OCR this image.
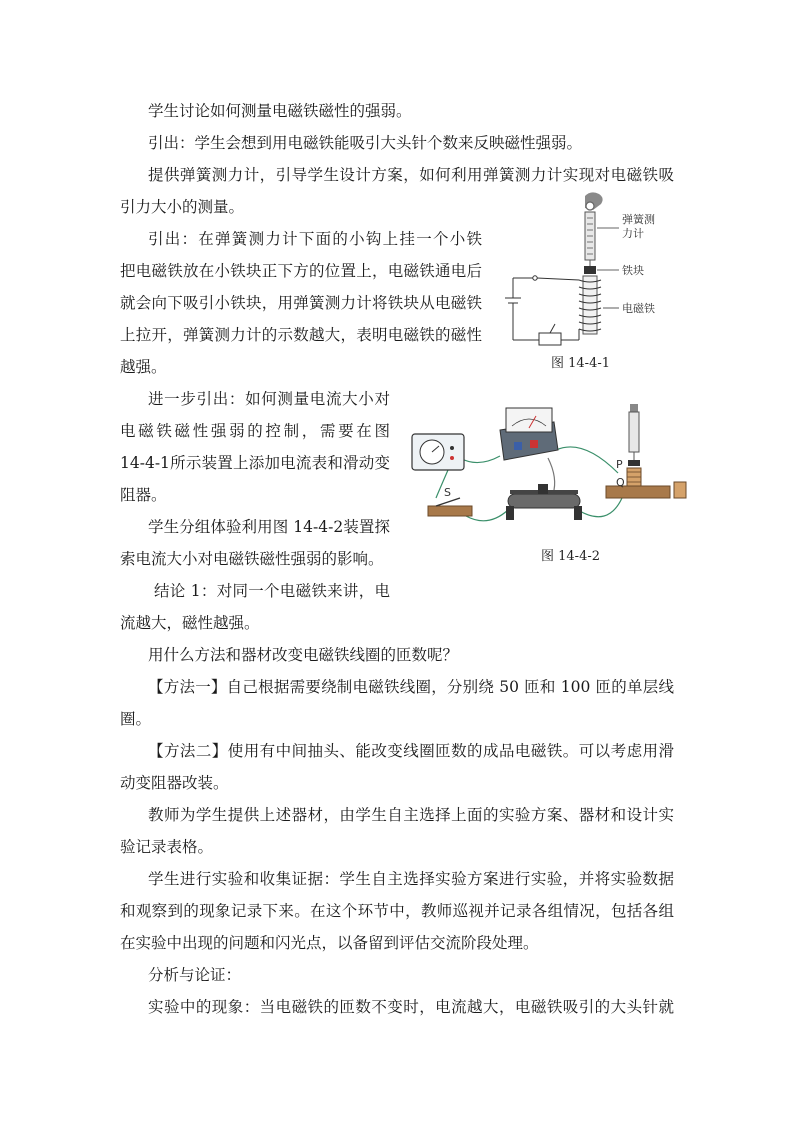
学生讨论如何测量电磁铁磁性的强弱。
引出：学生会想到用电磁铁能吸引大头针个数来反映磁性强弱。
提供弹簧测力计，引导学生设计方案，如何利用弹簧测力计实现对电磁铁吸
引力大小的测量。
引出：在弹簧测力计下面的小钩上挂一个小铁
把电磁铁放在小铁块正下方的位置上，电磁铁通电后
就会向下吸引小铁块，用弹簧测力计将铁块从电磁铁
上拉开，弹簧测力计的示数越大，表明电磁铁的磁性
越强。
弹簧测
力计
铁块
电磁铁
图 14-4-1
进一步引出：如何测量电流大小对
电磁铁磁性强弱的控制，需要在图
14-4-1所示装置上添加电流表和滑动变
阻器。
学生分组体验利用图 14-4-2装置探
索电流大小对电磁铁磁性强弱的影响。
结论 1：对同一个电磁铁来讲，电
流越大，磁性越强。
S
P
Q
图 14-4-2
用什么方法和器材改变电磁铁线圈的匝数呢？
【方法一】自己根据需要绕制电磁铁线圈，分别绕 50 匝和 100 匝的单层线
圈。
【方法二】使用有中间抽头、能改变线圈匝数的成品电磁铁。可以考虑用滑
动变阻器改装。
教师为学生提供上述器材，由学生自主选择上面的实验方案、器材和设计实
验记录表格。
学生进行实验和收集证据：学生自主选择实验方案进行实验，并将实验数据
和观察到的现象记录下来。在这个环节中，教师巡视并记录各组情况，包括各组
在实验中出现的问题和闪光点，以备留到评估交流阶段处理。
分析与论证：
实验中的现象：当电磁铁的匝数不变时，电流越大，电磁铁吸引的大头针就
